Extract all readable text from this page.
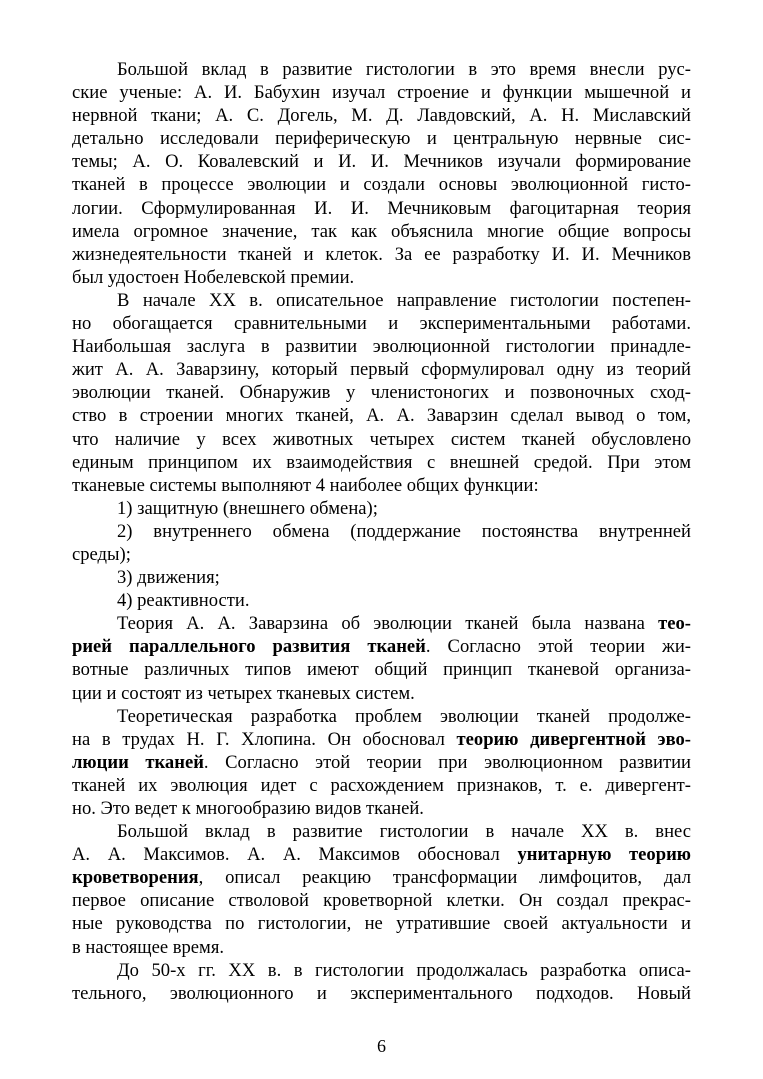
Большой вклад в развитие гистологии в это время внесли рус-
ские ученые: А. И. Бабухин изучал строение и функции мышечной и
нервной ткани; А. С. Догель, М. Д. Лавдовский, А. Н. Миславский
детально исследовали периферическую и центральную нервные сис-
темы; А. О. Ковалевский и И. И. Мечников изучали формирование
тканей в процессе эволюции и создали основы эволюционной гисто-
логии. Сформулированная И. И. Мечниковым фагоцитарная теория
имела огромное значение, так как объяснила многие общие вопросы
жизнедеятельности тканей и клеток. За ее разработку И. И. Мечников
был удостоен Нобелевской премии.
В начале XX в. описательное направление гистологии постепен-
но обогащается сравнительными и экспериментальными работами.
Наибольшая заслуга в развитии эволюционной гистологии принадле-
жит А. А. Заварзину, который первый сформулировал одну из теорий
эволюции тканей. Обнаружив у членистоногих и позвоночных сход-
ство в строении многих тканей, А. А. Заварзин сделал вывод о том,
что наличие у всех животных четырех систем тканей обусловлено
единым принципом их взаимодействия с внешней средой. При этом
тканевые системы выполняют 4 наиболее общих функции:
1) защитную (внешнего обмена);
2) внутреннего обмена (поддержание постоянства внутренней
среды);
3) движения;
4) реактивности.
Теория А. А. Заварзина об эволюции тканей была названа тео-
рией параллельного развития тканей. Согласно этой теории жи-
вотные различных типов имеют общий принцип тканевой организа-
ции и состоят из четырех тканевых систем.
Теоретическая разработка проблем эволюции тканей продолже-
на в трудах Н. Г. Хлопина. Он обосновал теорию дивергентной эво-
люции тканей. Согласно этой теории при эволюционном развитии
тканей их эволюция идет с расхождением признаков, т. е. дивергент-
но. Это ведет к многообразию видов тканей.
Большой вклад в развитие гистологии в начале XX в. внес
А. А. Максимов. А. А. Максимов обосновал унитарную теорию
кроветворения, описал реакцию трансформации лимфоцитов, дал
первое описание стволовой кроветворной клетки. Он создал прекрас-
ные руководства по гистологии, не утратившие своей актуальности и
в настоящее время.
До 50-х гг. XX в. в гистологии продолжалась разработка описа-
тельного, эволюционного и экспериментального подходов. Новый
6
